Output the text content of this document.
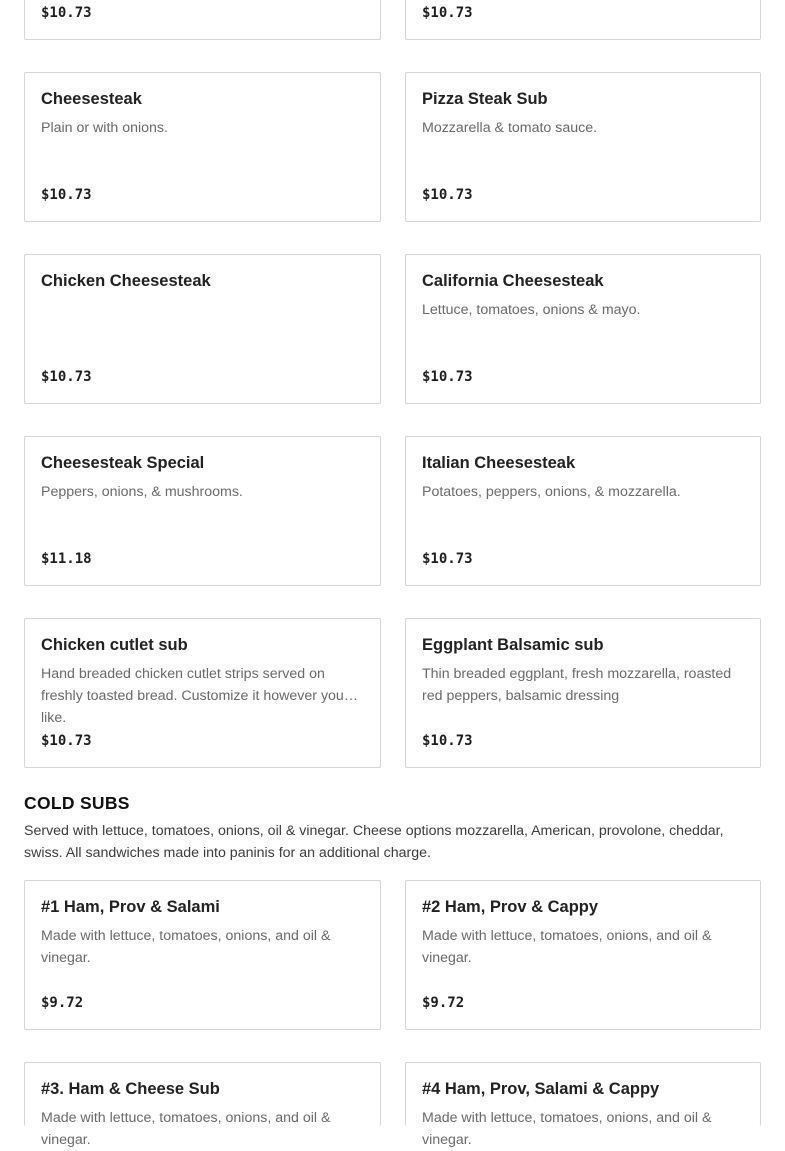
$10.73	$10.73
Cheesesteak
Plain or with onions.
$10.73
Pizza Steak Sub
Mozzarella & tomato sauce.
$10.73
Chicken Cheesesteak
$10.73
California Cheesesteak
Lettuce, tomatoes, onions & mayo.
$10.73
Cheesesteak Special
Peppers, onions, & mushrooms.
$11.18
Italian Cheesesteak
Potatoes, peppers, onions, & mozzarella.
$10.73
Chicken cutlet sub
Hand breaded chicken cutlet strips served on freshly toasted bread. Customize it however you like.
$10.73
Eggplant Balsamic sub
Thin breaded eggplant, fresh mozzarella, roasted red peppers, balsamic dressing
$10.73
COLD SUBS

Served with lettuce, tomatoes, onions, oil & vinegar. Cheese options mozzarella, American, provolone, cheddar, swiss. All sandwiches made into paninis for an additional charge.

#1 Ham, Prov & Salami
Made with lettuce, tomatoes, onions, and oil & vinegar.
$9.72
#2 Ham, Prov & Cappy
Made with lettuce, tomatoes, onions, and oil & vinegar.
$9.72
#3. Ham & Cheese Sub
Made with lettuce, tomatoes, onions, and oil & vinegar.
#4 Ham, Prov, Salami & Cappy
Made with lettuce, tomatoes, onions, and oil & vinegar.
